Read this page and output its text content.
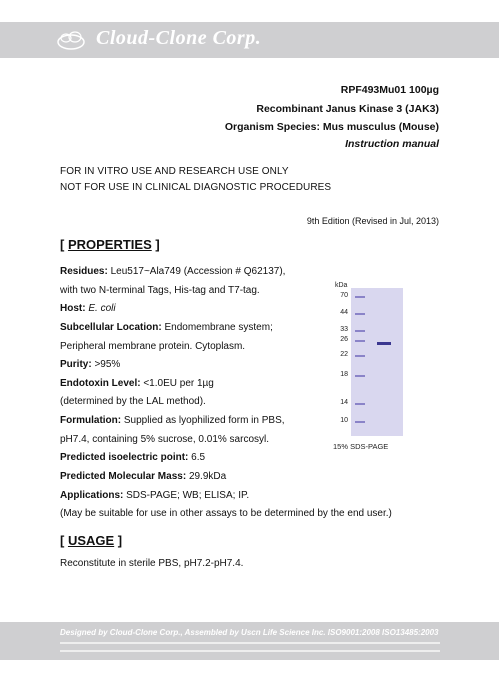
Cloud-Clone Corp.
RPF493Mu01 100µg
Recombinant Janus Kinase 3 (JAK3)
Organism Species: Mus musculus (Mouse)
Instruction manual
FOR IN VITRO USE AND RESEARCH USE ONLY
NOT FOR USE IN CLINICAL DIAGNOSTIC PROCEDURES
9th Edition (Revised in Jul, 2013)
[ PROPERTIES ]
Residues: Leu517~Ala749 (Accession # Q62137),
with two N-terminal Tags, His-tag and T7-tag.
Host: E. coli
Subcellular Location: Endomembrane system;
Peripheral membrane protein. Cytoplasm.
Purity: >95%
Endotoxin Level: <1.0EU per 1µg
(determined by the LAL method).
Formulation: Supplied as lyophilized form in PBS,
pH7.4, containing 5% sucrose, 0.01% sarcosyl.
Predicted isoelectric point: 6.5
Predicted Molecular Mass: 29.9kDa
Applications: SDS-PAGE; WB; ELISA; IP.
(May be suitable for use in other assays to be determined by the end user.)
kDa
70
44
33
26
22
18
14
10
15% SDS-PAGE
[ USAGE ]
Reconstitute in sterile PBS, pH7.2-pH7.4.
Designed by Cloud-Clone Corp., Assembled by Uscn Life Science Inc. ISO9001:2008 ISO13485:2003
